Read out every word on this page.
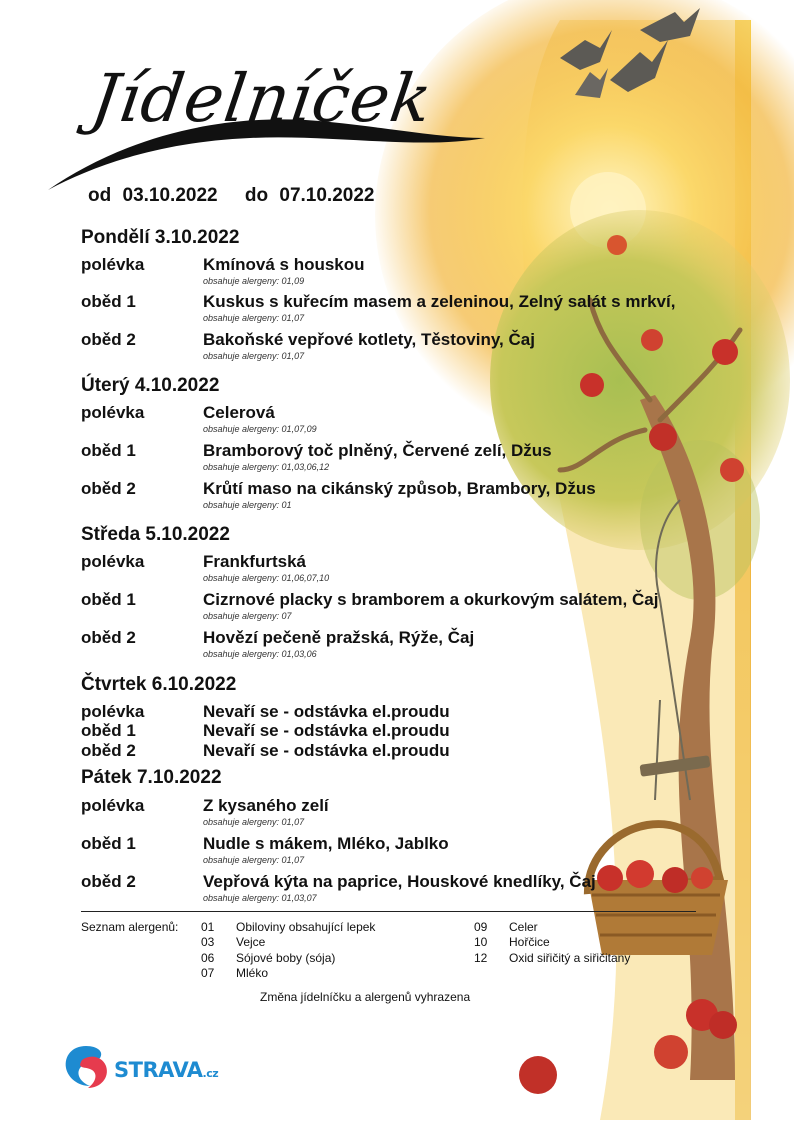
Jídelníček
od 03.10.2022 do 07.10.2022
Pondělí 3.10.2022
polévka	Kmínová s houskou
obsahuje alergeny: 01,09
oběd 1	Kuskus s kuřecím masem a zeleninou, Zelný salát s mrkví,
obsahuje alergeny: 01,07
oběd 2	Bakoňské vepřové kotlety, Těstoviny, Čaj
obsahuje alergeny: 01,07
Úterý 4.10.2022
polévka	Celerová
obsahuje alergeny: 01,07,09
oběd 1	Bramborový toč plněný, Červené zelí, Džus
obsahuje alergeny: 01,03,06,12
oběd 2	Krůtí maso na cikánský způsob, Brambory, Džus
obsahuje alergeny: 01
Středa 5.10.2022
polévka	Frankfurtská
obsahuje alergeny: 01,06,07,10
oběd 1	Cizrnové placky s bramborem a okurkovým salátem, Čaj
obsahuje alergeny: 07
oběd 2	Hovězí pečeně pražská, Rýže, Čaj
obsahuje alergeny: 01,03,06
Čtvrtek 6.10.2022
polévka	Nevaří se - odstávka el.proudu
oběd 1	Nevaří se - odstávka el.proudu
oběd 2	Nevaří se - odstávka el.proudu
Pátek 7.10.2022
polévka	Z kysaného zelí
obsahuje alergeny: 01,07
oběd 1	Nudle s mákem, Mléko, Jablko
obsahuje alergeny: 01,07
oběd 2	Vepřová kýta na paprice, Houskové knedlíky, Čaj
obsahuje alergeny: 01,03,07
Seznam alergenů: 01 Obiloviny obsahující lepek
03 Vejce
06 Sójové boby (sója)
07 Mléko
09 Celer
10 Hořčice
12 Oxid siřičitý a siřičitany
Změna jídelníčku a alergenů vyhrazena
STRAVA.cz
